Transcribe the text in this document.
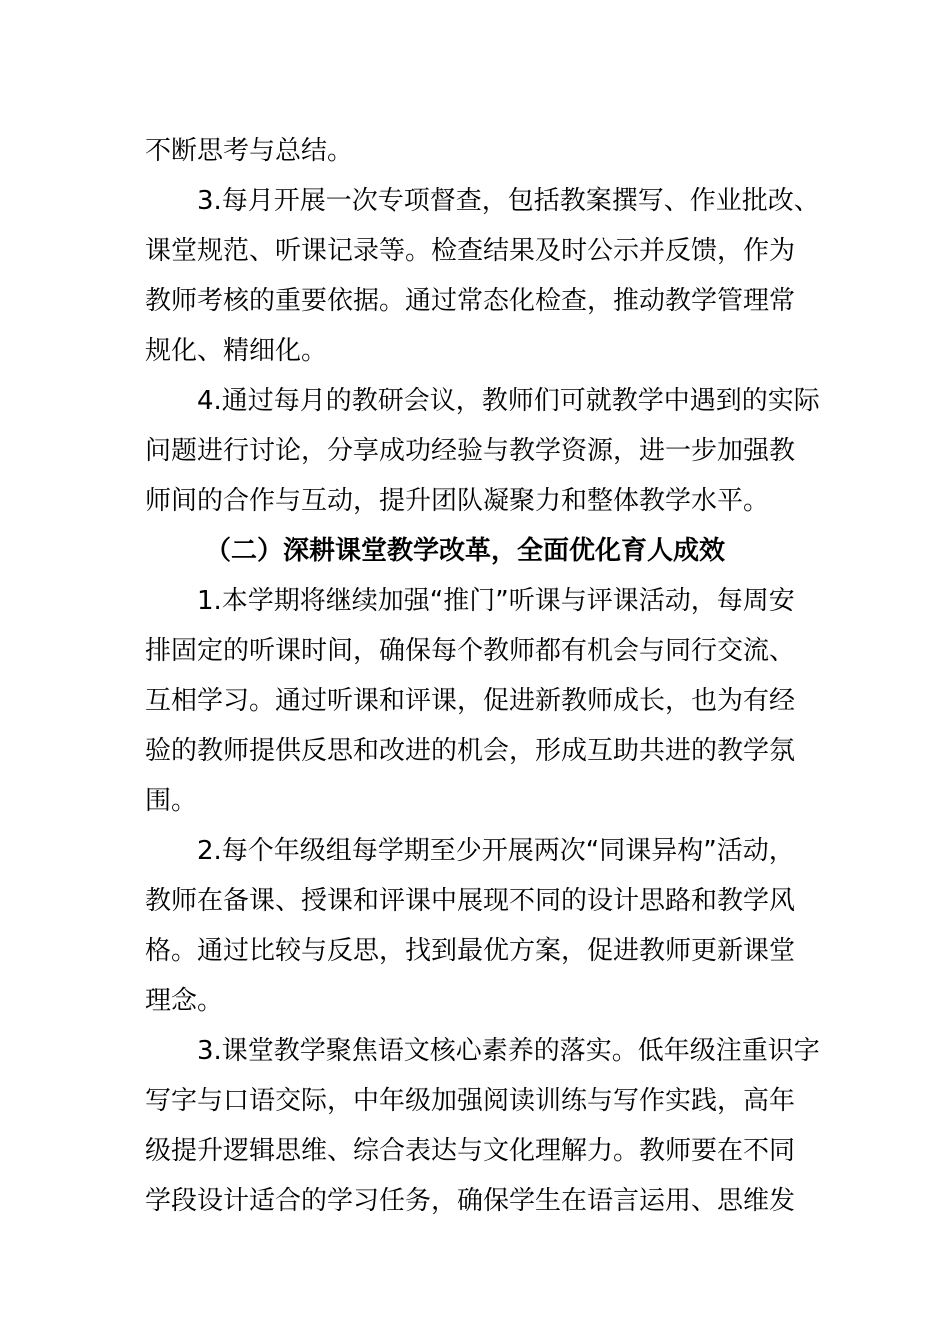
不断思考与总结。
3.每月开展一次专项督查，包括教案撰写、作业批改、
课堂规范、听课记录等。检查结果及时公示并反馈，作为
教师考核的重要依据。通过常态化检查，推动教学管理常
规化、精细化。
4.通过每月的教研会议，教师们可就教学中遇到的实际
问题进行讨论，分享成功经验与教学资源，进一步加强教
师间的合作与互动，提升团队凝聚力和整体教学水平。
（二）深耕课堂教学改革，全面优化育人成效
1.本学期将继续加强“推门”听课与评课活动，每周安
排固定的听课时间，确保每个教师都有机会与同行交流、
互相学习。通过听课和评课，促进新教师成长，也为有经
验的教师提供反思和改进的机会，形成互助共进的教学氛
围。
2.每个年级组每学期至少开展两次“同课异构”活动，
教师在备课、授课和评课中展现不同的设计思路和教学风
格。通过比较与反思，找到最优方案，促进教师更新课堂
理念。
3.课堂教学聚焦语文核心素养的落实。低年级注重识字
写字与口语交际，中年级加强阅读训练与写作实践，高年
级提升逻辑思维、综合表达与文化理解力。教师要在不同
学段设计适合的学习任务，确保学生在语言运用、思维发
